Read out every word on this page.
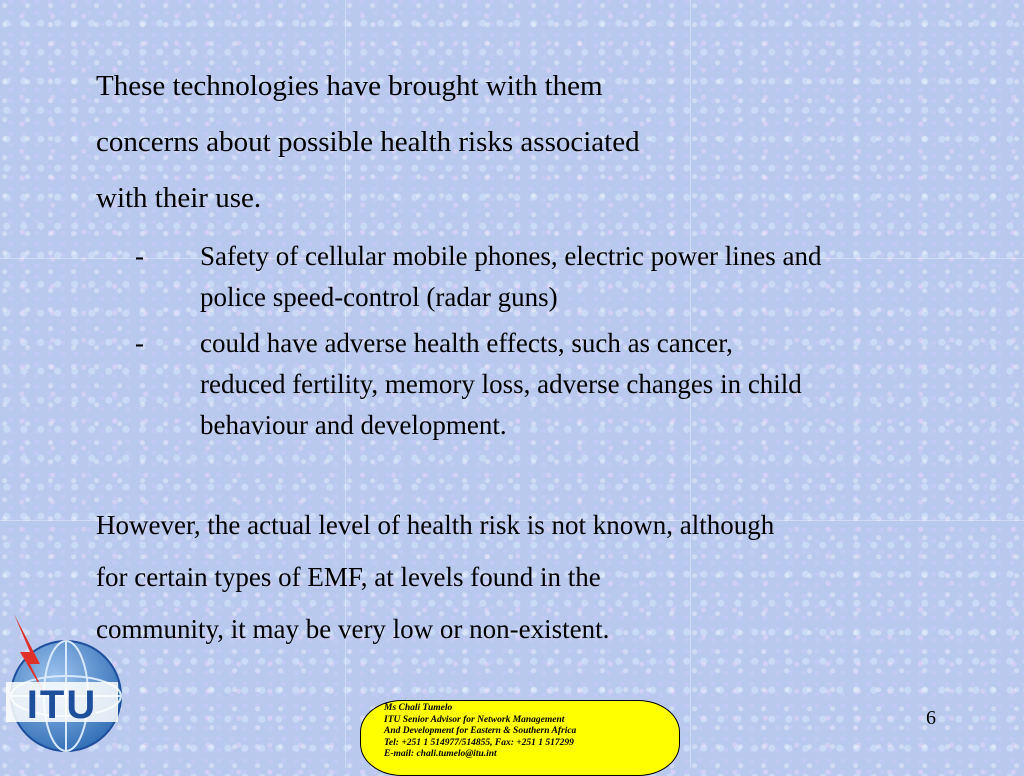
These technologies have brought with them
concerns about possible health risks associated
with their use.

- Safety of cellular mobile phones, electric power lines and
police speed-control (radar guns)
- could have adverse health effects, such as cancer,
reduced fertility, memory loss, adverse changes in child
behaviour and development.

However, the actual level of health risk is not known, although
for certain types of EMF, at levels found in the
community, it may be very low or non-existent.

ITU	Ms Chali Tumelo
ITU Senior Advisor for Network Management
And Development for Eastern & Southern Africa
Tel: +251 1 514977/514855, Fax: +251 1 517299
E-mail: chali.tumelo@itu.int
6
